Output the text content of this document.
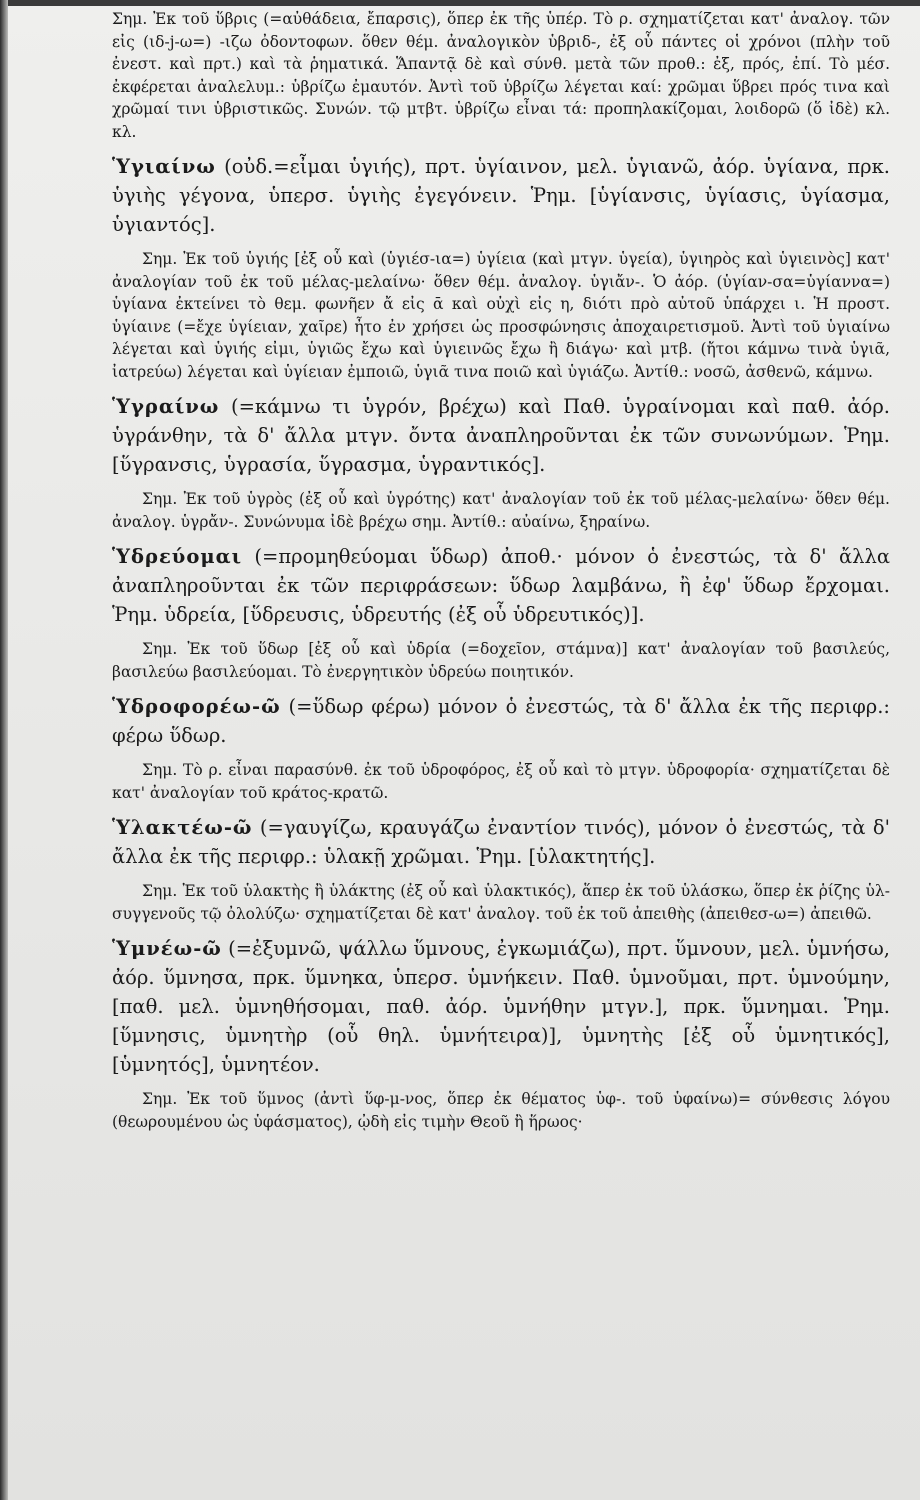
Σημ. Ἐκ τοῦ ὕβρις (=αὐθάδεια, ἔπαρσις), ὅπερ ἐκ τῆς ὑπέρ. Τὸ ρ. σχηματίζεται κατ' ἀναλογ. τῶν εἰς (ιδ-j-ω=) -ιζω ὀδοντοφων. ὅθεν θέμ. ἀναλογικὸν ὑβριδ-, ἐξ οὗ πάντες οἱ χρόνοι (πλὴν τοῦ ἐνεστ. καὶ πρτ.) καὶ τὰ ῥηματικά. Ἅπαντᾷ δὲ καὶ σύνθ. μετὰ τῶν προθ.: ἐξ, πρός, ἐπί. Τὸ μέσ. ἐκφέρεται ἀναλελυμ.: ὑβρίζω ἐμαυτόν. Ἀντὶ τοῦ ὑβρίζω λέγεται καί: χρῶμαι ὕβρει πρός τινα καὶ χρῶμαί τινι ὑβριστικῶς. Συνών. τῷ μτβτ. ὑβρίζω εἶναι τά: προπηλακίζομαι, λοιδορῶ (ὅ ἰδὲ) κλ. κλ.

Ὑγιαίνω (οὐδ.=εἶμαι ὑγιής), πρτ. ὑγίαινον, μελ. ὑγιανῶ, ἀόρ. ὑγίανα, πρκ. ὑγιὴς γέγονα, ὑπερσ. ὑγιὴς ἐγεγόνειν. Ῥημ. [ὑγίανσις, ὑγίασις, ὑγίασμα, ὑγιαντός].

Σημ. Ἐκ τοῦ ὑγιής [ἐξ οὗ καὶ (ὑγιέσ-ια=) ὑγίεια (καὶ μτγν. ὑγεία), ὑγιηρὸς καὶ ὑγιεινὸς] κατ' ἀναλογίαν τοῦ ἐκ τοῦ μέλας-μελαίνω· ὅθεν θέμ. ἀναλογ. ὑγιἄν-. Ὁ ἀόρ. (ὑγίαν-σα=ὑγίαννα=) ὑγίανα ἐκτείνει τὸ θεμ. φωνῆεν ἄ εἰς ᾱ καὶ οὐχὶ εἰς η, διότι πρὸ αὐτοῦ ὑπάρχει ι. Ἡ προστ. ὑγίαινε (=ἔχε ὑγίειαν, χαῖρε) ἦτο ἐν χρήσει ὡς προσφώνησις ἀποχαιρετισμοῦ. Ἀντὶ τοῦ ὑγιαίνω λέγεται καὶ ὑγιής εἰμι, ὑγιῶς ἔχω καὶ ὑγιεινῶς ἔχω ἢ διάγω· καὶ μτβ. (ἤτοι κάμνω τινὰ ὑγιᾶ, ἰατρεύω) λέγεται καὶ ὑγίειαν ἐμποιῶ, ὑγιᾶ τινα ποιῶ καὶ ὑγιάζω. Ἀντίθ.: νοσῶ, ἀσθενῶ, κάμνω.

Ὑγραίνω (=κάμνω τι ὑγρόν, βρέχω) καὶ Παθ. ὑγραίνομαι καὶ παθ. ἀόρ. ὑγράνθην, τὰ δ' ἄλλα μτγν. ὄντα ἀναπληροῦνται ἐκ τῶν συνωνύμων. Ῥημ. [ὕγρανσις, ὑγρασία, ὕγρασμα, ὑγραντικός].

Σημ. Ἐκ τοῦ ὑγρὸς (ἐξ οὗ καὶ ὑγρότης) κατ' ἀναλογίαν τοῦ ἐκ τοῦ μέλας-μελαίνω· ὅθεν θέμ. ἀναλογ. ὑγρἄν-. Συνώνυμα ἰδὲ βρέχω σημ. Ἀντίθ.: αὐαίνω, ξηραίνω.

Ὑδρεύομαι (=προμηθεύομαι ὕδωρ) ἀποθ.· μόνον ὁ ἐνεστώς, τὰ δ' ἄλλα ἀναπληροῦνται ἐκ τῶν περιφράσεων: ὕδωρ λαμβάνω, ἢ ἐφ' ὕδωρ ἔρχομαι. Ῥημ. ὑδρεία, [ὕδρευσις, ὑδρευτής (ἐξ οὗ ὑδρευτικός)].

Σημ. Ἐκ τοῦ ὕδωρ [ἐξ οὗ καὶ ὑδρία (=δοχεῖον, στάμνα)] κατ' ἀναλογίαν τοῦ βασιλεύς, βασιλεύω βασιλεύομαι. Τὸ ἐνεργητικὸν ὑδρεύω ποιητικόν.

Ὑδροφορέω-ῶ (=ὕδωρ φέρω) μόνον ὁ ἐνεστώς, τὰ δ' ἄλλα ἐκ τῆς περιφρ.: φέρω ὕδωρ.

Σημ. Τὸ ρ. εἶναι παρασύνθ. ἐκ τοῦ ὑδροφόρος, ἐξ οὗ καὶ τὸ μτγν. ὑδροφορία· σχηματίζεται δὲ κατ' ἀναλογίαν τοῦ κράτος-κρατῶ.

Ὑλακτέω-ῶ (=γαυγίζω, κραυγάζω ἐναντίον τινός), μόνον ὁ ἐνεστώς, τὰ δ' ἄλλα ἐκ τῆς περιφρ.: ὑλακῇ χρῶμαι. Ῥημ. [ὑλακτητής].

Σημ. Ἐκ τοῦ ὑλακτὴς ἢ ὑλάκτης (ἐξ οὗ καὶ ὑλακτικός), ἅπερ ἐκ τοῦ ὑλάσκω, ὅπερ ἐκ ῥίζης ὑλ- συγγενοῦς τῷ ὀλολύζω· σχηματίζεται δὲ κατ' ἀναλογ. τοῦ ἐκ τοῦ ἀπειθὴς (ἀπειθεσ-ω=) ἀπειθῶ.

Ὑμνέω-ῶ (=ἐξυμνῶ, ψάλλω ὕμνους, ἐγκωμιάζω), πρτ. ὕμνουν, μελ. ὑμνήσω, ἀόρ. ὕμνησα, πρκ. ὕμνηκα, ὑπερσ. ὑμνήκειν. Παθ. ὑμνοῦμαι, πρτ. ὑμνούμην, [παθ. μελ. ὑμνηθήσομαι, παθ. ἀόρ. ὑμνήθην μτγν.], πρκ. ὕμνημαι. Ῥημ. [ὕμνησις, ὑμνητὴρ (οὗ θηλ. ὑμνήτειρα)], ὑμνητὴς [ἐξ οὗ ὑμνητικός], [ὑμνητός], ὑμνητέον.

Σημ. Ἐκ τοῦ ὕμνος (ἀντὶ ὕφ-μ-νος, ὅπερ ἐκ θέματος ὑφ-. τοῦ ὑφαίνω)= σύνθεσις λόγου (θεωρουμένου ὡς ὑφάσματος), ᾠδὴ εἰς τιμὴν Θεοῦ ἢ ἥρωος·
